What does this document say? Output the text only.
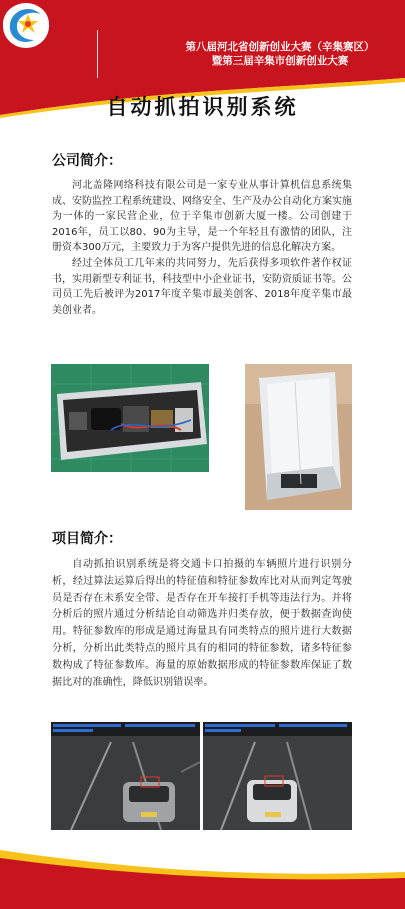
第八届河北省创新创业大赛（辛集赛区）
暨第三届辛集市创新创业大赛
自动抓拍识别系统
公司简介：

河北盖隆网络科技有限公司是一家专业从事计算机信息系统集成、安防监控工程系统建设、网络安全、生产及办公自动化方案实施为一体的一家民营企业，位于辛集市创新大厦一楼。公司创建于2016年，员工以80、90为主导，是一个年轻且有激情的团队，注册资本300万元，主要致力于为客户提供先进的信息化解决方案。

经过全体员工几年来的共同努力，先后获得多项软件著作权证书，实用新型专利证书，科技型中小企业证书，安防资质证书等。公司员工先后被评为2017年度辛集市最美创客、2018年度辛集市最美创业者。

项目简介：

自动抓拍识别系统是将交通卡口拍摄的车辆照片进行识别分析，经过算法运算后得出的特征值和特征参数库比对从而判定驾驶员是否存在未系安全带、是否存在开车接打手机等违法行为。并将分析后的照片通过分析结论自动筛选并归类存放，便于数据查询使用。特征参数库的形成是通过海量具有同类特点的照片进行大数据分析，分析出此类特点的照片具有的相同的特征参数，诸多特征参数构成了特征参数库。海量的原始数据形成的特征参数库保证了数据比对的准确性，降低识别错误率。
